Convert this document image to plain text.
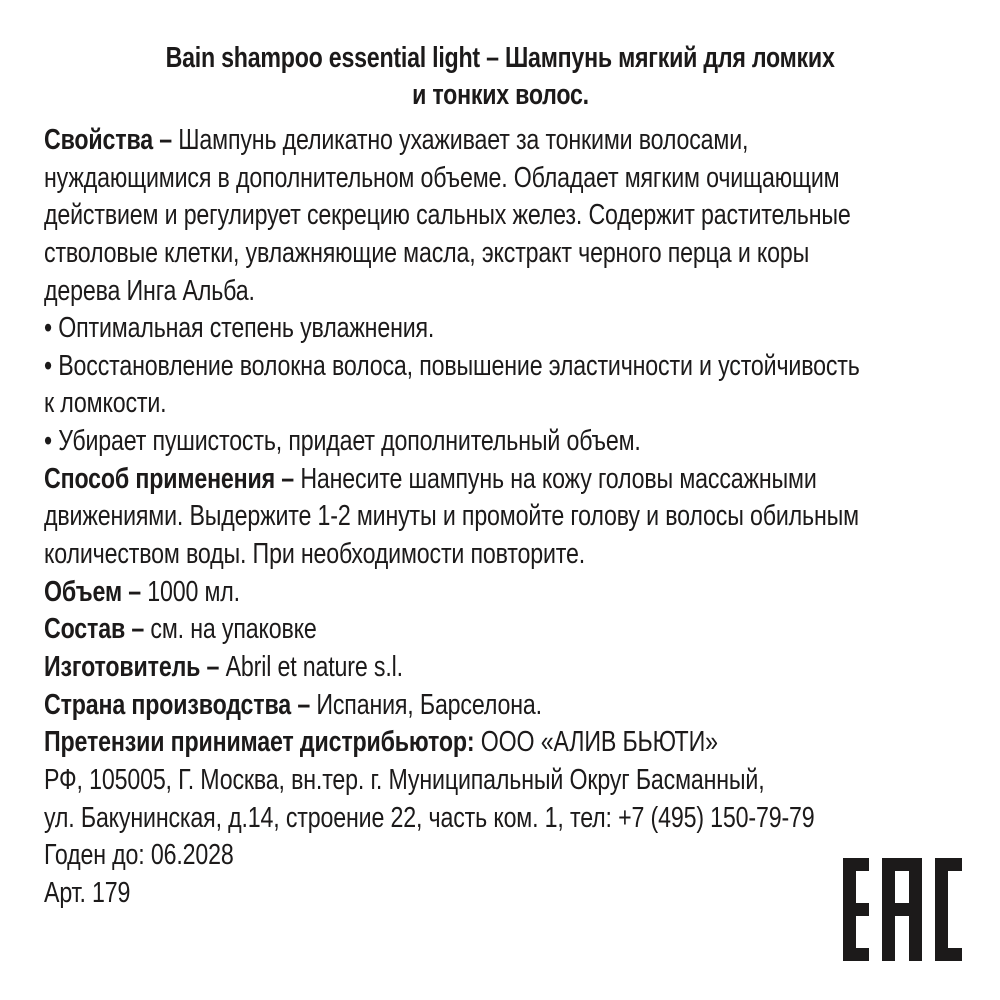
Bain shampoo essential light – Шампунь мягкий для ломких
и тонких волос.
Свойства – Шампунь деликатно ухаживает за тонкими волосами,
нуждающимися в дополнительном объеме. Обладает мягким очищающим
действием и регулирует секрецию сальных желез. Содержит растительные
стволовые клетки, увлажняющие масла, экстракт черного перца и коры
дерева Инга Альба.
• Оптимальная степень увлажнения.
• Восстановление волокна волоса, повышение эластичности и устойчивость
к ломкости.
• Убирает пушистость, придает дополнительный объем.
Способ применения – Нанесите шампунь на кожу головы массажными
движениями. Выдержите 1-2 минуты и промойте голову и волосы обильным
количеством воды. При необходимости повторите.
Объем – 1000 мл.
Состав – см. на упаковке
Изготовитель – Abril et nature s.l.
Страна производства – Испания, Барселона.
Претензии принимает дистрибьютор: ООО «АЛИВ БЬЮТИ»
РФ, 105005, Г. Москва, вн.тер. г. Муниципальный Округ Басманный,
ул. Бакунинская, д.14, строение 22, часть ком. 1, тел: +7 (495) 150-79-79
Годен до: 06.2028
Арт. 179
